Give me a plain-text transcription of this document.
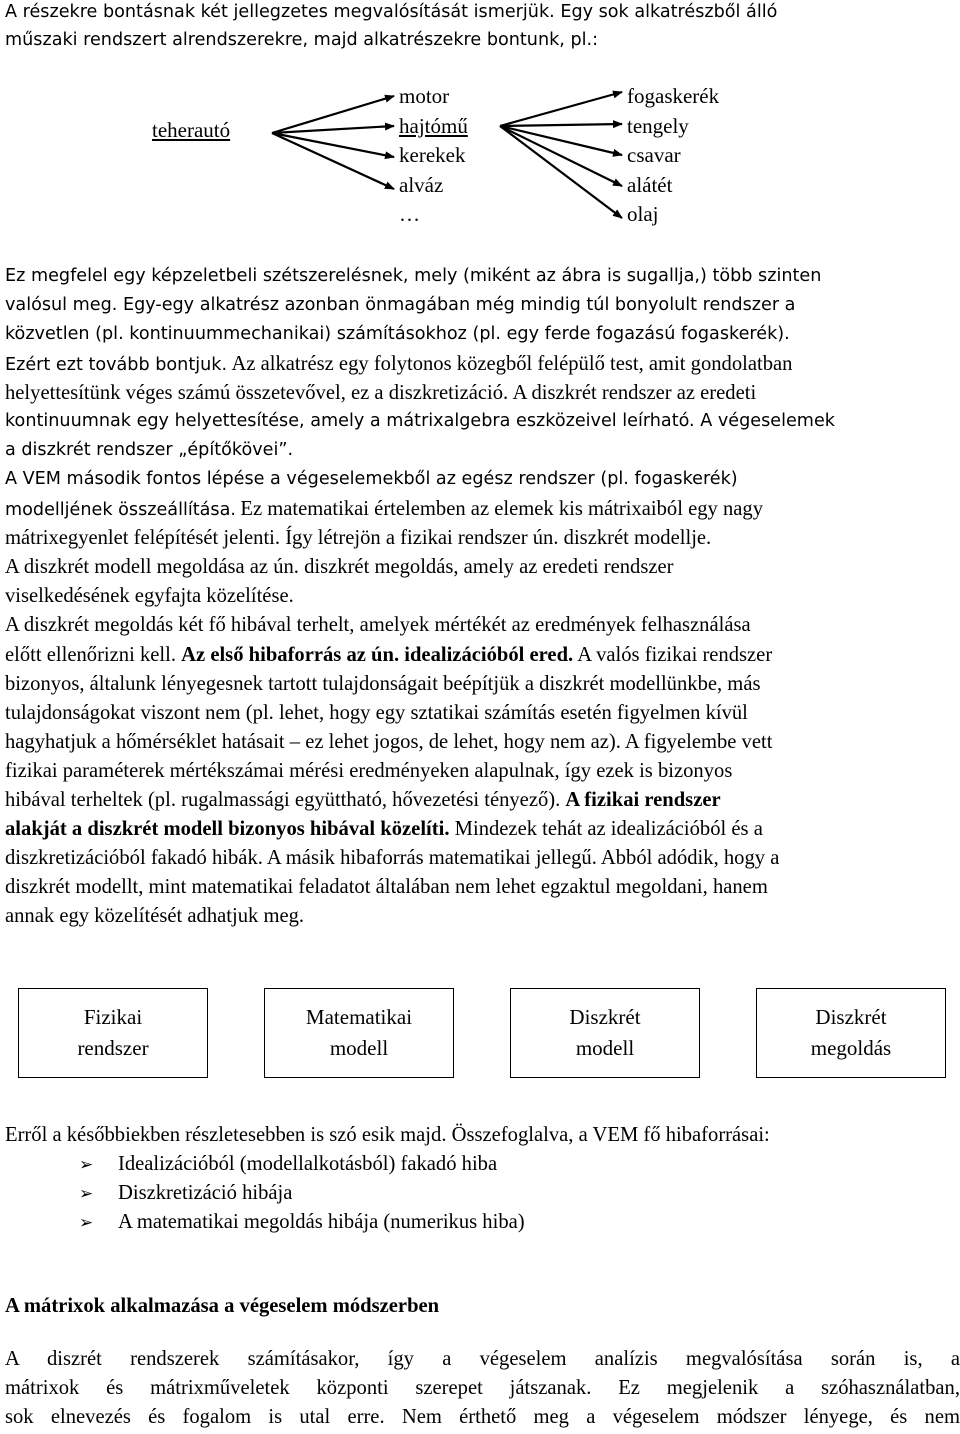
A részekre bontásnak két jellegzetes megvalósítását ismerjük. Egy sok alkatrészből álló
műszaki rendszert alrendszerekre, majd alkatrészekre bontunk, pl.:
teherautó
motor
hajtómű
kerekek
alváz
…
fogaskerék
tengely
csavar
alátét
olaj
Ez megfelel egy képzeletbeli szétszerelésnek, mely (miként az ábra is sugallja,) több szinten
valósul meg. Egy-egy alkatrész azonban önmagában még mindig túl bonyolult rendszer a
közvetlen (pl. kontinuummechanikai) számításokhoz (pl. egy ferde fogazású fogaskerék).
Ezért ezt tovább bontjuk. Az alkatrész egy folytonos közegből felépülő test, amit gondolatban
helyettesítünk véges számú összetevővel, ez a diszkretizáció. A diszkrét rendszer az eredeti
kontinuumnak egy helyettesítése, amely a mátrixalgebra eszközeivel leírható. A végeselemek
a diszkrét rendszer „építőkövei”.
A VEM második fontos lépése a végeselemekből az egész rendszer (pl. fogaskerék)
modelljének összeállítása. Ez matematikai értelemben az elemek kis mátrixaiból egy nagy
mátrixegyenlet felépítését jelenti. Így létrejön a fizikai rendszer ún. diszkrét modellje.
A diszkrét modell megoldása az ún. diszkrét megoldás, amely az eredeti rendszer
viselkedésének egyfajta közelítése.
A diszkrét megoldás két fő hibával terhelt, amelyek mértékét az eredmények felhasználása
előtt ellenőrizni kell. Az első hibaforrás az ún. idealizációból ered. A valós fizikai rendszer
bizonyos, általunk lényegesnek tartott tulajdonságait beépítjük a diszkrét modellünkbe, más
tulajdonságokat viszont nem (pl. lehet, hogy egy sztatikai számítás esetén figyelmen kívül
hagyhatjuk a hőmérséklet hatásait – ez lehet jogos, de lehet, hogy nem az). A figyelembe vett
fizikai paraméterek mértékszámai mérési eredményeken alapulnak, így ezek is bizonyos
hibával terheltek (pl. rugalmassági együttható, hővezetési tényező). A fizikai rendszer
alakját a diszkrét modell bizonyos hibával közelíti. Mindezek tehát az idealizációból és a
diszkretizációból fakadó hibák. A másik hibaforrás matematikai jellegű. Abból adódik, hogy a
diszkrét modellt, mint matematikai feladatot általában nem lehet egzaktul megoldani, hanem
annak egy közelítését adhatjuk meg.
Fizikai
rendszer
Matematikai
modell
Diszkrét
modell
Diszkrét
megoldás
Erről a későbbiekben részletesebben is szó esik majd. Összefoglalva, a VEM fő hibaforrásai:
➢ Idealizációból (modellalkotásból) fakadó hiba
➢ Diszkretizáció hibája
➢ A matematikai megoldás hibája (numerikus hiba)
A mátrixok alkalmazása a végeselem módszerben
A diszrét rendszerek számításakor, így a végeselem analízis megvalósítása során is, a
mátrixok és mátrixműveletek központi szerepet játszanak. Ez megjelenik a szóhasználatban,
sok elnevezés és fogalom is utal erre. Nem érthető meg a végeselem módszer lényege, és nem
